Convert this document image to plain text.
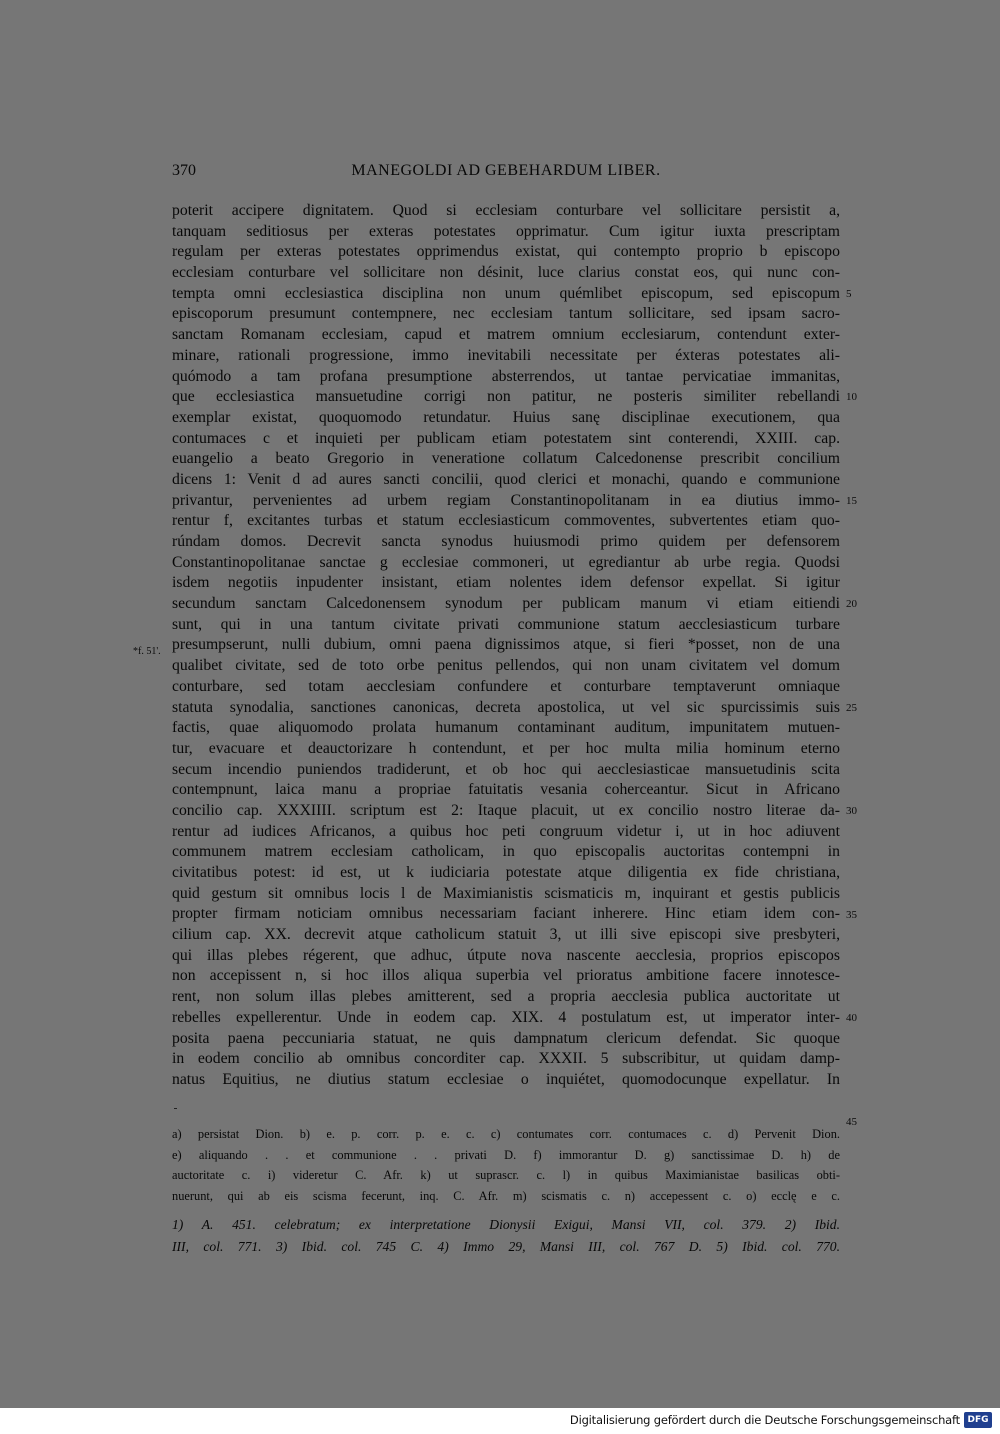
370	MANEGOLDI AD GEBEHARDUM LIBER.
poterit accipere dignitatem. Quod si ecclesiam conturbare vel sollicitare persistit a,
tanquam seditiosus per exteras potestates opprimatur. Cum igitur iuxta prescriptam
regulam per exteras potestates opprimendus existat, qui contempto proprio b episcopo
ecclesiam conturbare vel sollicitare non désinit, luce clarius constat eos, qui nunc con-
tempta omni ecclesiastica disciplina non unum quémlibet episcopum, sed episcopum
episcoporum presumunt contempnere, nec ecclesiam tantum sollicitare, sed ipsam sacro-
sanctam Romanam ecclesiam, capud et matrem omnium ecclesiarum, contendunt exter-
minare, rationali progressione, immo inevitabili necessitate per éxteras potestates ali-
quómodo a tam profana presumptione absterrendos, ut tantae pervicatiae immanitas,
que ecclesiastica mansuetudine corrigi non patitur, ne posteris similiter rebellandi
exemplar existat, quoquomodo retundatur. Huius sanę disciplinae executionem, qua
contumaces c et inquieti per publicam etiam potestatem sint conterendi, XXIII. cap.
euangelio a beato Gregorio in veneratione collatum Calcedonense prescribit concilium
dicens 1: Venit d ad aures sancti concilii, quod clerici et monachi, quando e communione
privantur, pervenientes ad urbem regiam Constantinopolitanam in ea diutius immo-
rentur f, excitantes turbas et statum ecclesiasticum commoventes, subvertentes etiam quo-
rúndam domos. Decrevit sancta synodus huiusmodi primo quidem per defensorem
Constantinopolitanae sanctae g ecclesiae commoneri, ut egrediantur ab urbe regia. Quodsi
isdem negotiis inpudenter insistant, etiam nolentes idem defensor expellat. Si igitur
secundum sanctam Calcedonensem synodum per publicam manum vi etiam eitiendi
sunt, qui in una tantum civitate privati communione statum aecclesiasticum turbare
presumpserunt, nulli dubium, omni paena dignissimos atque, si fieri *posset, non de una
qualibet civitate, sed de toto orbe penitus pellendos, qui non unam civitatem vel domum
conturbare, sed totam aecclesiam confundere et conturbare temptaverunt omniaque
statuta synodalia, sanctiones canonicas, decreta apostolica, ut vel sic spurcissimis suis
factis, quae aliquomodo prolata humanum contaminant auditum, impunitatem mutuen-
tur, evacuare et deauctorizare h contendunt, et per hoc multa milia hominum eterno
secum incendio puniendos tradiderunt, et ob hoc qui aecclesiasticae mansuetudinis scita
contempnunt, laica manu a propriae fatuitatis vesania coherceantur. Sicut in Africano
concilio cap. XXXIIII. scriptum est 2: Itaque placuit, ut ex concilio nostro literae da-
rentur ad iudices Africanos, a quibus hoc peti congruum videtur i, ut in hoc adiuvent
communem matrem ecclesiam catholicam, in quo episcopalis auctoritas contempni in
civitatibus potest: id est, ut k iudiciaria potestate atque diligentia ex fide christiana,
quid gestum sit omnibus locis l de Maximianistis scismaticis m, inquirant et gestis publicis
propter firmam noticiam omnibus necessariam faciant inherere. Hinc etiam idem con-
cilium cap. XX. decrevit atque catholicum statuit 3, ut illi sive episcopi sive presbyteri,
qui illas plebes régerent, que adhuc, útpute nova nascente aecclesia, proprios episcopos
non accepissent n, si hoc illos aliqua superbia vel prioratus ambitione facere innotesce-
rent, non solum illas plebes amitterent, sed a propria aecclesia publica auctoritate ut
rebelles expellerentur. Unde in eodem cap. XIX. 4 postulatum est, ut imperator inter-
posita paena peccuniaria statuat, ne quis dampnatum clericum defendat. Sic quoque
in eodem concilio ab omnibus concorditer cap. XXXII. 5 subscribitur, ut quidam damp-
natus Equitius, ne diutius statum ecclesiae o inquiétet, quomodocunque expellatur. In
*f. 51'.
5
10
15
20
25
30
35
40
45
a) persistat Dion. b) e. p. corr. p. e. c. c) contumates corr. contumaces c. d) Pervenit Dion.
e) aliquando . . et communione . . privati D. f) immorantur D. g) sanctissimae D. h) de
auctoritate c. i) videretur C. Afr. k) ut suprascr. c. l) in quibus Maximianistae basilicas obti-
nuerunt, qui ab eis scisma fecerunt, inq. C. Afr. m) scismatis c. n) accepessent c. o) ecclę e c.
1) A. 451. celebratum; ex interpretatione Dionysii Exigui, Mansi VII, col. 379. 2) Ibid.
III, col. 771. 3) Ibid. col. 745 C. 4) Immo 29, Mansi III, col. 767 D. 5) Ibid. col. 770.
Digitalisierung gefördert durch die Deutsche Forschungsgemeinschaft DFG
